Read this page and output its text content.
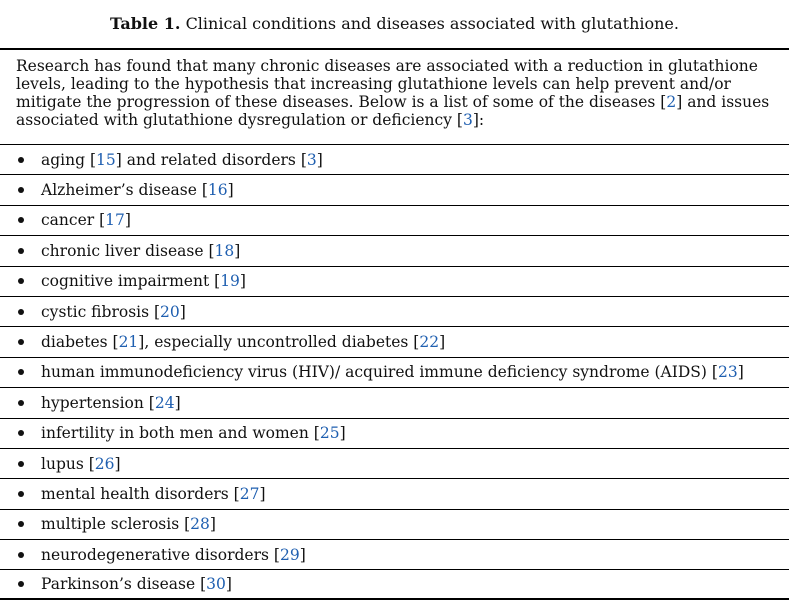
Table 1. Clinical conditions and diseases associated with glutathione.
Research has found that many chronic diseases are associated with a reduction in glutathione levels, leading to the hypothesis that increasing glutathione levels can help prevent and/or mitigate the progression of these diseases. Below is a list of some of the diseases [2] and issues associated with glutathione dysregulation or deficiency [3]:
aging [15] and related disorders [3]
Alzheimer’s disease [16]
cancer [17]
chronic liver disease [18]
cognitive impairment [19]
cystic fibrosis [20]
diabetes [21], especially uncontrolled diabetes [22]
human immunodeficiency virus (HIV)/ acquired immune deficiency syndrome (AIDS) [23]
hypertension [24]
infertility in both men and women [25]
lupus [26]
mental health disorders [27]
multiple sclerosis [28]
neurodegenerative disorders [29]
Parkinson’s disease [30]
